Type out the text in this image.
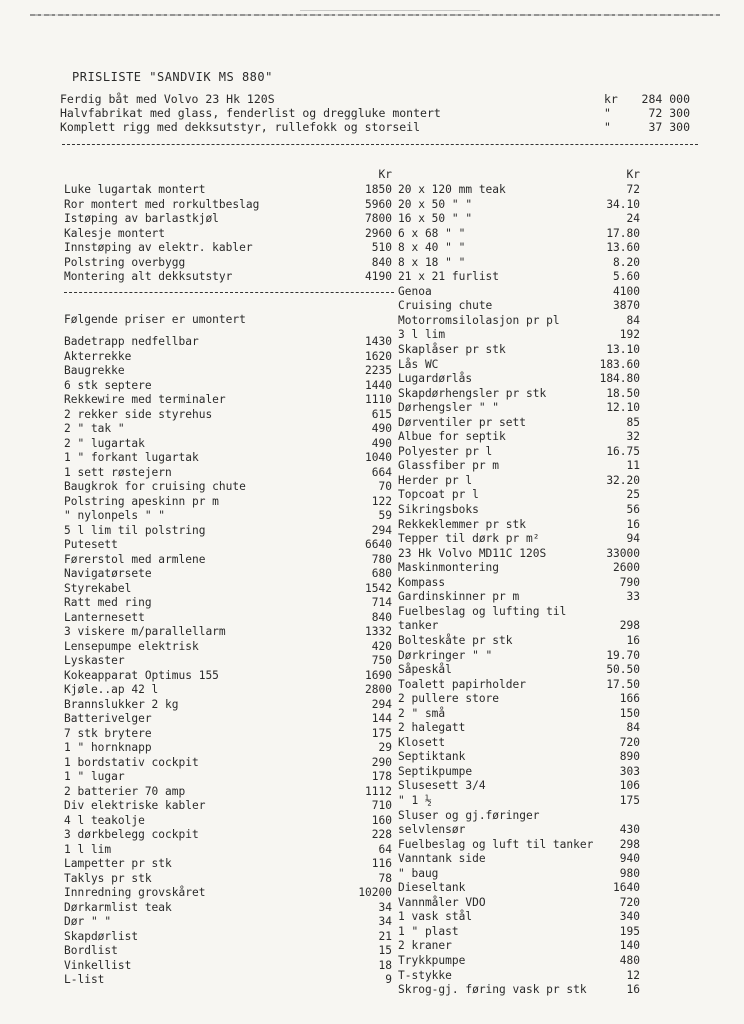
PRISLISTE "SANDVIK MS 880"
Ferdig båt med Volvo 23 Hk 120S	kr 284 000
Halvfabrikat med glass, fenderlist og dreggluke montert	"	72 300
Komplett rigg med dekksutstyr, rullefokk og storseil	"	37 300
Kr
Luke lugartak montert	1850
Ror montert med rorkultbeslag	5960
Istøping av barlastkjøl	7800
Kalesje montert	2960
Innstøping av elektr. kabler	510
Polstring overbygg	840
Montering alt dekksutstyr	4190
Følgende priser er umontert
Badetrapp nedfellbar	1430
Akterrekke	1620
Baugrekke	2235
6 stk septere	1440
Rekkewire med terminaler	1110
2 rekker side styrehus	615
2 " tak "	490
2 " lugartak	490
1 " forkant lugartak	1040
1 sett røstejern	664
Baugkrok for cruising chute	70
Polstring apeskinn pr m	122
" nylonpels " "	59
5 l lim til polstring	294
Putesett	6640
Førerstol med armlene	780
Navigatørsete	680
Styrekabel	1542
Ratt med ring	714
Lanternesett	840
3 viskere m/parallellarm	1332
Lensepumpe elektrisk	420
Lyskaster	750
Kokeapparat Optimus 155	1690
Kjøle..ap 42 l	2800
Brannslukker 2 kg	294
Batterivelger	144
7 stk brytere	175
1 " hornknapp	29
1 bordstativ cockpit	290
1 " lugar	178
2 batterier 70 amp	1112
Div elektriske kabler	710
4 l teakolje	160
3 dørkbelegg cockpit	228
1 l lim	64
Lampetter pr stk	116
Taklys pr stk	78
Innredning grovskåret	10200
Dørkarmlist teak	34
Dør " "	34
Skapdørlist	21
Bordlist	15
Vinkellist	18
L-list	9
Kr
20 x 120 mm teak	72
20 x 50 " "	34.10
16 x 50 " "	24
6 x 68 " "	17.80
8 x 40 " "	13.60
8 x 18 " "	8.20
21 x 21 furlist	5.60
Genoa	4100
Cruising chute	3870
Motorromsilolasjon pr pl	84
3 l lim	192
Skaplåser pr stk	13.10
Lås WC	183.60
Lugardørlås	184.80
Skapdørhengsler pr stk	18.50
Dørhengsler " "	12.10
Dørventiler pr sett	85
Albue for septik	32
Polyester pr l	16.75
Glassfiber pr m	11
Herder pr l	32.20
Topcoat pr l	25
Sikringsboks	56
Rekkeklemmer pr stk	16
Tepper til dørk pr m²	94
23 Hk Volvo MD11C 120S	33000
Maskinmontering	2600
Kompass	790
Gardinskinner pr m	33
Fuelbeslag og lufting til
tanker	298
Bolteskåte pr stk	16
Dørkringer " "	19.70
Såpeskål	50.50
Toalett papirholder	17.50
2 pullere store	166
2 " små	150
2 halegatt	84
Klosett	720
Septiktank	890
Septikpumpe	303
Slusesett 3/4	106
" 1 ½	175
Sluser og gj.føringer
selvlensør	430
Fuelbeslag og luft til tanker 298
Vanntank side	940
" baug	980
Dieseltank	1640
Vannmåler VDO	720
1 vask stål	340
1 " plast	195
2 kraner	140
Trykkpumpe	480
T-stykke	12
Skrog-gj. føring vask pr stk	16
